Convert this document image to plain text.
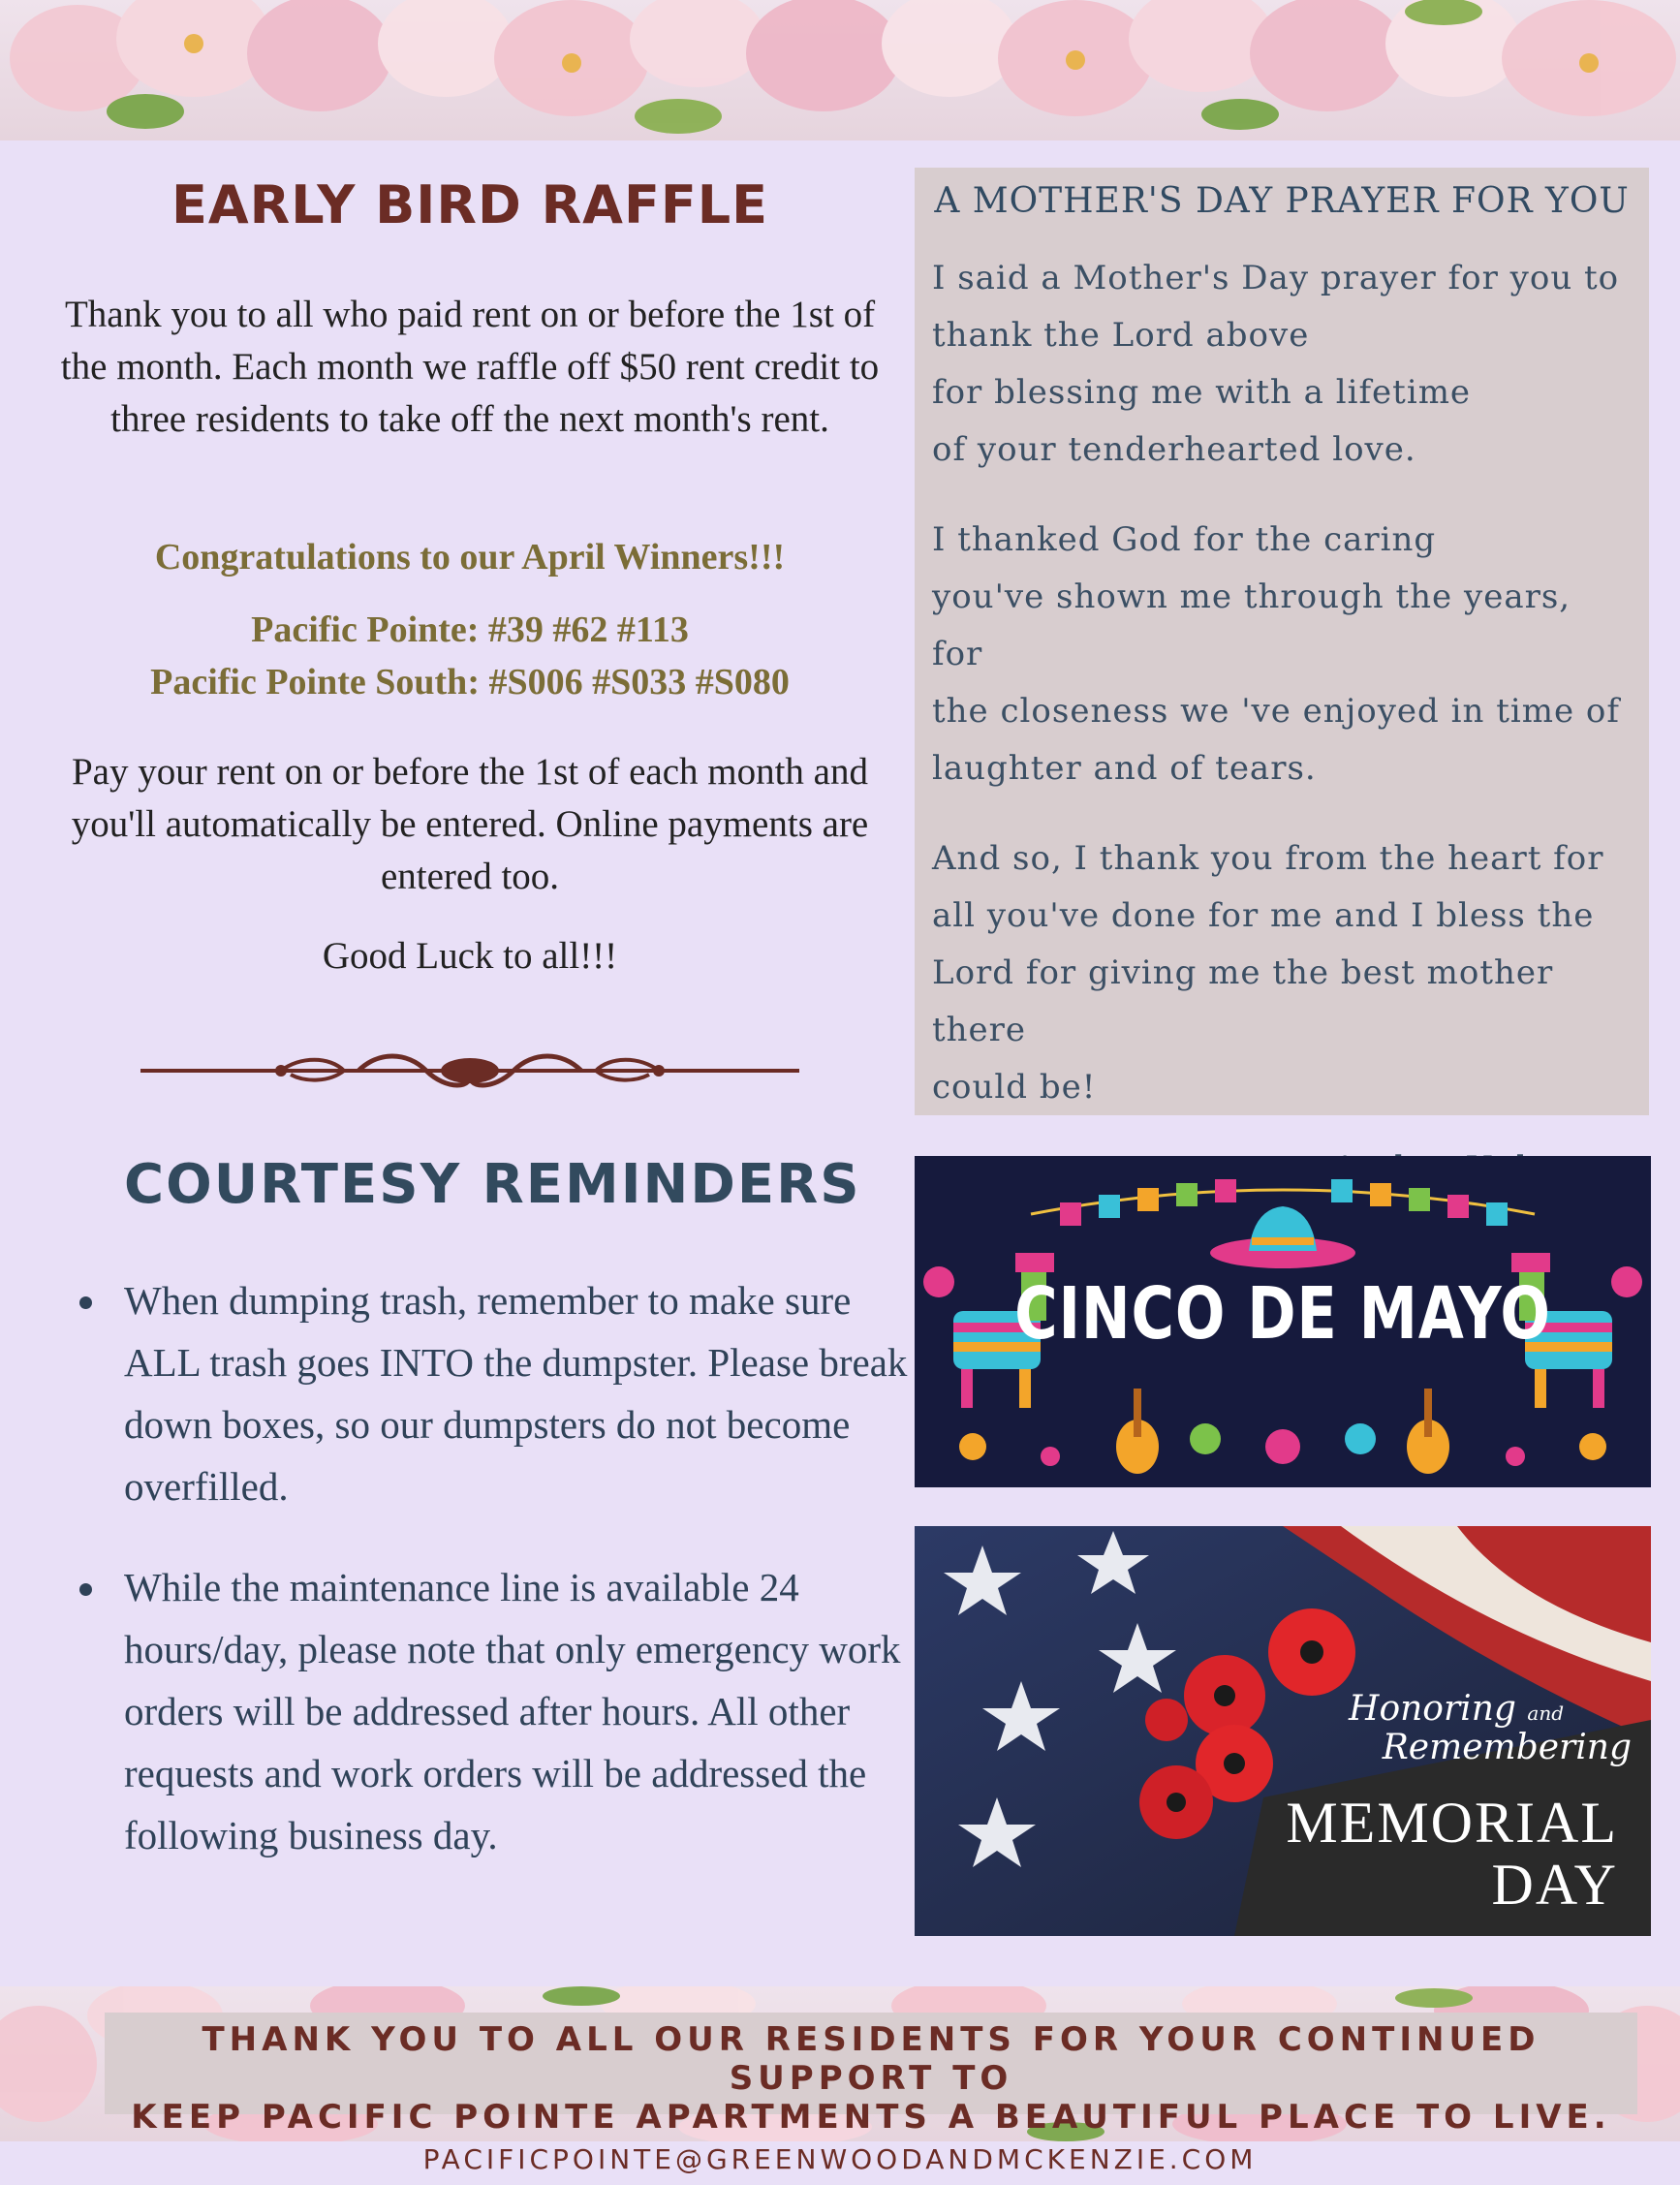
EARLY BIRD RAFFLE

Thank you to all who paid rent on or before the 1st of the month. Each month we raffle off $50 rent credit to three residents to take off the next month's rent.

Congratulations to our April Winners!!!

Pacific Pointe: #39 #62 #113

Pacific Pointe South: #S006 #S033 #S080

Pay your rent on or before the 1st of each month and you'll automatically be entered. Online payments are entered too.

Good Luck to all!!!

COURTESY REMINDERS
When dumping trash, remember to make sure ALL trash goes INTO the dumpster. Please break down boxes, so our dumpsters do not become overfilled.
While the maintenance line is available 24 hours/day, please note that only emergency work orders will be addressed after hours. All other requests and work orders will be addressed the following business day.

A MOTHER'S DAY PRAYER FOR YOU

I said a Mother's Day prayer for you to
thank the Lord above
for blessing me with a lifetime
of your tenderhearted love.
I thanked God for the caring
you've shown me through the years, for
the closeness we 've enjoyed in time of
laughter and of tears.
And so, I thank you from the heart for
all you've done for me and I bless the
Lord for giving me the best mother there
could be!

CINCO DE MAYO
Honoring and
Remembering
MEMORIAL
DAY
THANK YOU TO ALL OUR RESIDENTS FOR YOUR CONTINUED SUPPORT TO
KEEP PACIFIC POINTE APARTMENTS A BEAUTIFUL PLACE TO LIVE.
PACIFICPOINTE@GREENWOODANDMCKENZIE.COM
